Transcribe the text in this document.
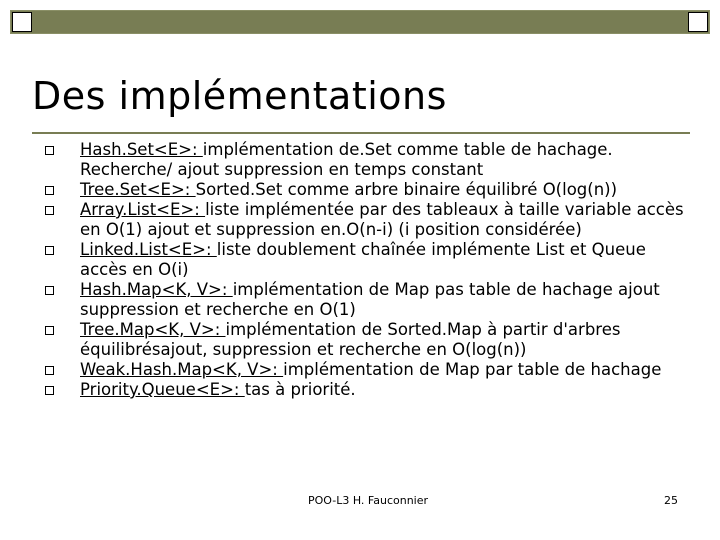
Des implémentations
Hash.Set<E>: implémentation de.Set comme table de hachage. Recherche/ ajout suppression en temps constant
Tree.Set<E>: Sorted.Set comme arbre binaire équilibré O(log(n))
Array.List<E>: liste implémentée par des tableaux à taille variable accès en O(1) ajout et suppression en.O(n-i) (i position considérée)
Linked.List<E>: liste doublement chaînée implémente List et Queue accès en O(i)
Hash.Map<K, V>: implémentation de Map pas table de hachage ajout suppression et recherche en O(1)
Tree.Map<K, V>: implémentation de Sorted.Map à partir d'arbres équilibrésajout, suppression et recherche en O(log(n))
Weak.Hash.Map<K, V>: implémentation de Map par table de hachage
Priority.Queue<E>: tas à priorité.
POO-L3 H. Fauconnier	25
